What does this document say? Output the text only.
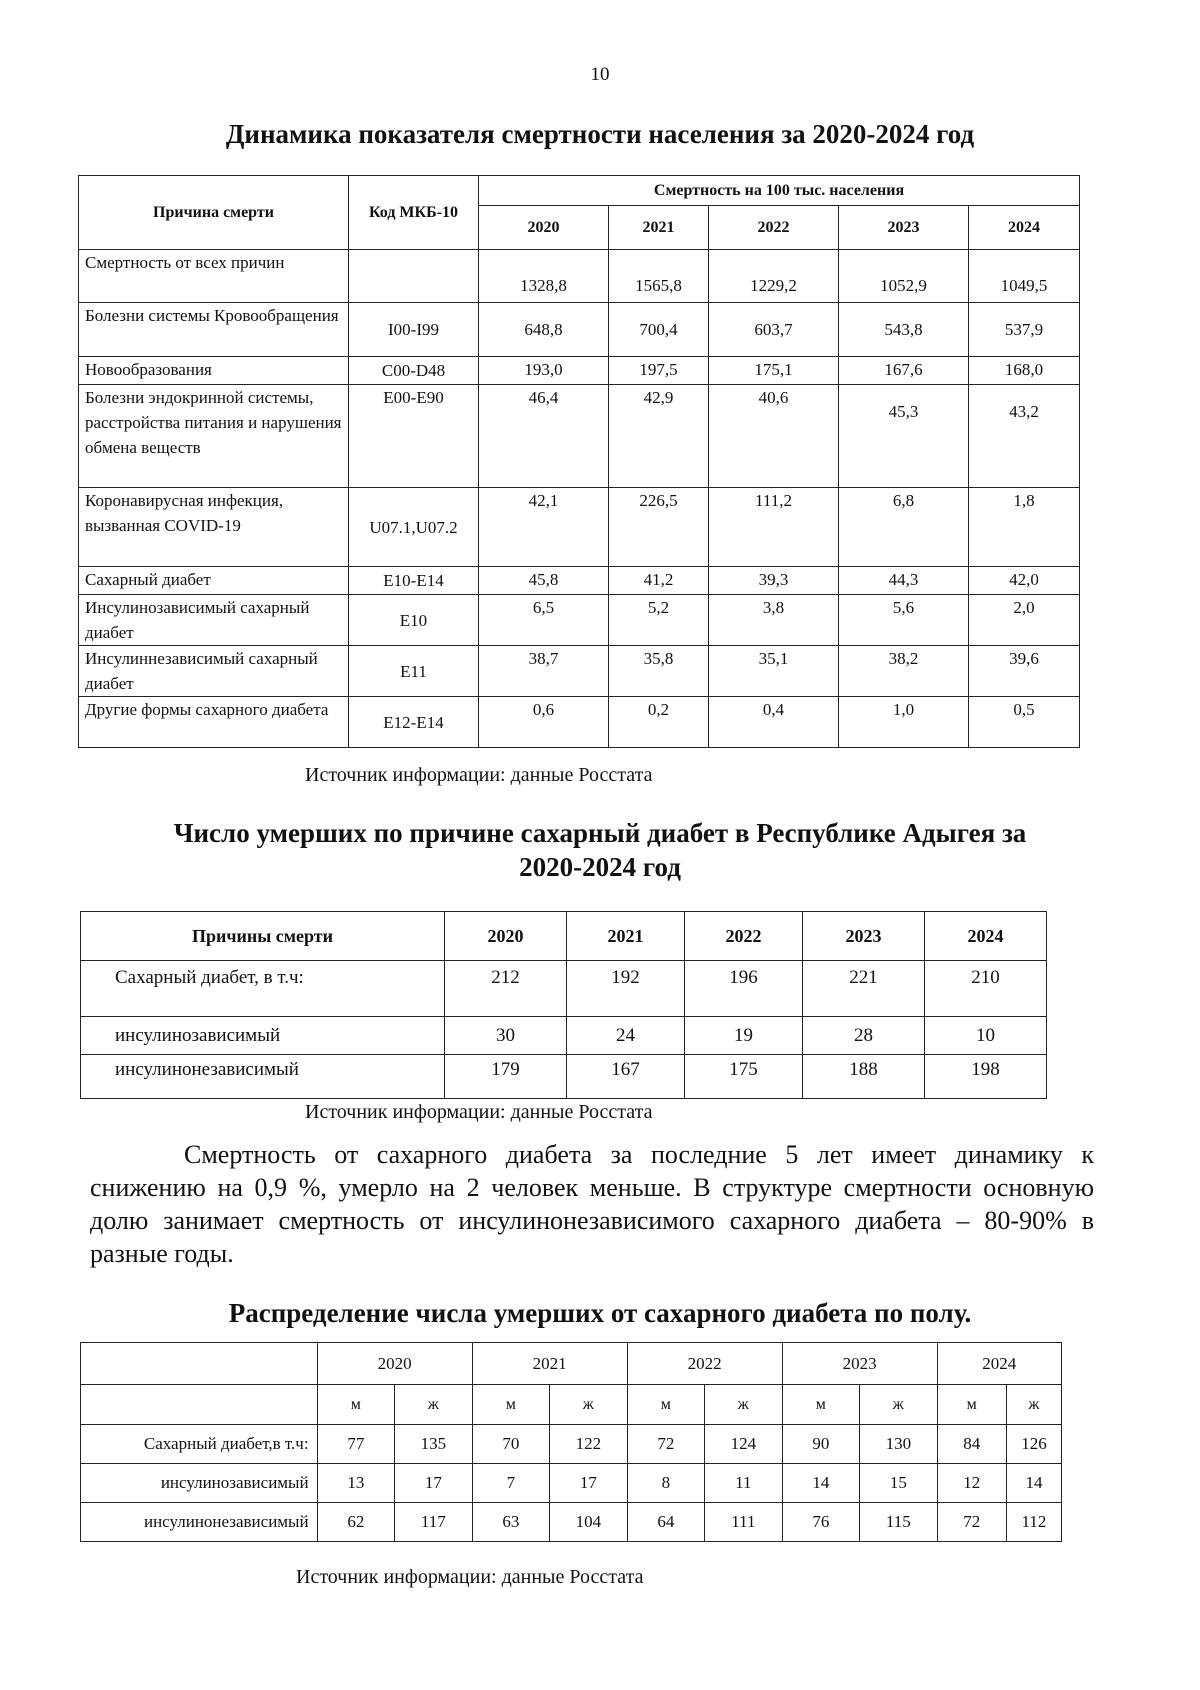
10
Динамика показателя смертности населения за 2020-2024 год
Причина смерти	Код МКБ-10	Смертность на 100 тыс. населения				
		2020	2021	2022	2023	2024
Смертность от всех причин		1328,8	1565,8	1229,2	1052,9	1049,5
Болезни системы Кровообращения	I00-I99	648,8	700,4	603,7	543,8	537,9
Новообразования	C00-D48	193,0	197,5	175,1	167,6	168,0
Болезни эндокринной системы, расстройства питания и нарушения обмена веществ	E00-E90	46,4	42,9	40,6	45,3	43,2
Коронавирусная инфекция, вызванная COVID-19	U07.1,U07.2	42,1	226,5	111,2	6,8	1,8
Сахарный диабет	E10-E14	45,8	41,2	39,3	44,3	42,0
Инсулинозависимый сахарный диабет	E10	6,5	5,2	3,8	5,6	2,0
Инсулиннезависимый сахарный диабет	E11	38,7	35,8	35,1	38,2	39,6
Другие формы сахарного диабета	E12-E14	0,6	0,2	0,4	1,0	0,5
Источник информации: данные Росстата
Число умерших по причине сахарный диабет в Республике Адыгея за
2020-2024 год
Причины смерти	2020	2021	2022	2023	2024
Сахарный диабет, в т.ч:	212	192	196	221	210
инсулинозависимый	30	24	19	28	10
инсулинонезависимый	179	167	175	188	198
Источник информации: данные Росстата

Смертность от сахарного диабета за последние 5 лет имеет динамику к снижению на 0,9 %, умерло на 2 человек меньше. В структуре смертности основную долю занимает смертность от инсулинонезависимого сахарного диабета – 80-90% в разные годы.

Распределение числа умерших от сахарного диабета по полу.
	2020		2021		2022		2023		2024	
	м	ж	м	ж	м	ж	м	ж	м	ж
Сахарный диабет,в т.ч:	77	135	70	122	72	124	90	130	84	126
инсулинозависимый	13	17	7	17	8	11	14	15	12	14
инсулинонезависимый	62	117	63	104	64	111	76	115	72	112
Источник информации: данные Росстата
